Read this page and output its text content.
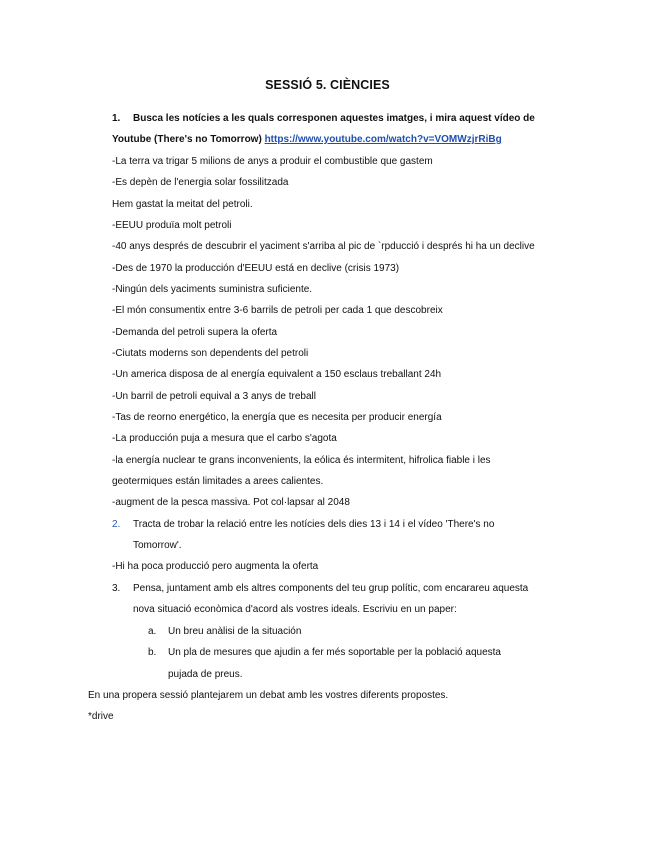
SESSIÓ 5. CIÈNCIES
1. Busca les notícies a les quals corresponen aquestes imatges, i mira aquest vídeo de
Youtube (There's no Tomorrow) https://www.youtube.com/watch?v=VOMWzjrRiBg
-La terra va trigar 5 milions de anys a produir el combustible que gastem
-Es depèn de l'energia solar fossilitzada
Hem gastat la meitat del petroli.
-EEUU produïa molt petroli
-40 anys després de descubrir el yaciment s'arriba al pic de `rpducció i després hi ha un declive
-Des de 1970 la producción d'EEUU está en declive (crisis 1973)
-Ningún dels yaciments suministra suficiente.
-El món consumentix entre 3-6 barrils de petroli per cada 1 que descobreix
-Demanda del petroli supera la oferta
-Ciutats moderns son dependents del petroli
-Un america disposa de al energía equivalent a 150 esclaus treballant 24h
-Un barril de petroli equival a 3 anys de treball
-Tas de reorno energético, la energía que es necesita per producir energía
-La producción puja a mesura que el carbo s'agota
-la energía nuclear te grans inconvenients, la eólica és intermitent, hifrolica fiable i les
geotermiques están limitades a arees calientes.
-augment de la pesca massiva. Pot col·lapsar al 2048
2. Tracta de trobar la relació entre les notícies dels dies 13 i 14 i el vídeo 'There's no
Tomorrow'.
-Hi ha poca producció pero augmenta la oferta
3. Pensa, juntament amb els altres components del teu grup polític, com encarareu aquesta
nova situació econòmica d'acord als vostres ideals. Escriviu en un paper:
a. Un breu anàlisi de la situación
b. Un pla de mesures que ajudin a fer més soportable per la població aquesta
pujada de preus.
En una propera sessió plantejarem un debat amb les vostres diferents propostes.
*drive
